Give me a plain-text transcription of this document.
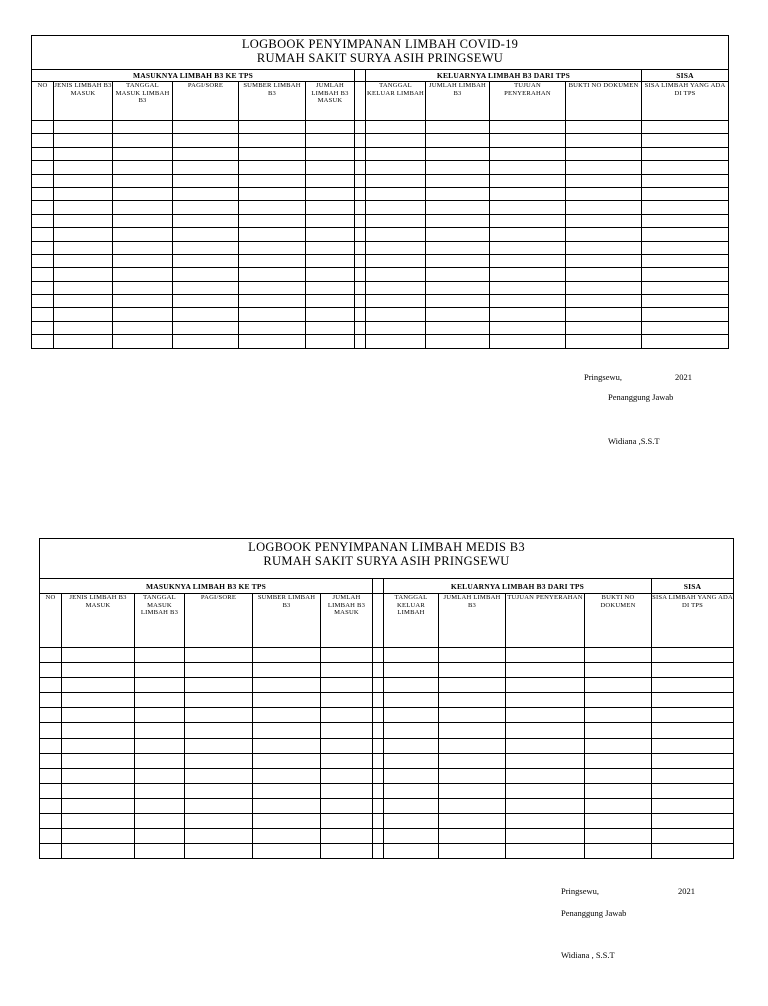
LOGBOOK PENYIMPANAN LIMBAH COVID-19
RUMAH SAKIT SURYA ASIH PRINGSEWU											

MASUKNYA LIMBAH B3 KE TPS							KELUARNYA LIMBAH B3 DARI TPS				SISA
NO	JENIS LIMBAH B3 MASUK	TANGGAL MASUK LIMBAH B3	PAGI/SORE	SUMBER LIMBAH B3	JUMLAH LIMBAH B3 MASUK		TANGGAL KELUAR LIMBAH	JUMLAH LIMBAH B3	TUJUAN PENYERAHAN	BUKTI NO DOKUMEN	SISA LIMBAH YANG ADA DI TPS

Pringsewu,	2021
Penanggung Jawab
Widiana ,S.S.T
LOGBOOK PENYIMPANAN LIMBAH MEDIS B3
RUMAH SAKIT SURYA ASIH PRINGSEWU											

MASUKNYA LIMBAH B3 KE TPS							KELUARNYA LIMBAH B3 DARI TPS				SISA
NO	JENIS LIMBAH B3 MASUK	TANGGAL MASUK LIMBAH B3	PAGI/SORE	SUMBER LIMBAH B3	JUMLAH LIMBAH B3 MASUK		TANGGAL KELUAR LIMBAH	JUMLAH LIMBAH B3	TUJUAN PENYERAHAN	BUKTI NO DOKUMEN	SISA LIMBAH YANG ADA DI TPS

Pringsewu,	2021
Penanggung Jawab
Widiana , S.S.T
